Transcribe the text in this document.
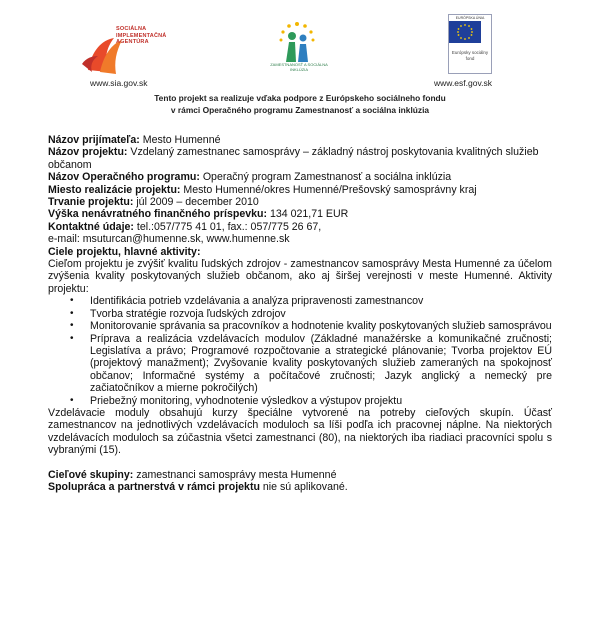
SOCIÁLNA IMPLEMENTAČNÁ AGENTÚRA
ZAMESTNANOSŤ A SOCIÁLNA INKLÚZIA
EURÓPSKA ÚNIA
Európsky sociálny fond
www.sia.gov.sk	www.esf.gov.sk
Tento projekt sa realizuje vďaka podpore z Európskeho sociálneho fondu
v rámci Operačného programu Zamestnanosť a sociálna inklúzia

Názov prijímateľa: Mesto Humenné

Názov projektu: Vzdelaný zamestnanec samosprávy – základný nástroj poskytovania kvalitných služieb občanom

Názov Operačného programu: Operačný program Zamestnanosť a sociálna inklúzia

Miesto realizácie projektu: Mesto Humenné/okres Humenné/Prešovský samosprávny kraj

Trvanie projektu: júl 2009 – december 2010

Výška nenávratného finančného príspevku: 134 021,71 EUR

Kontaktné údaje: tel.:057/775 41 01, fax.: 057/775 26 67,

e-mail: msuturcan@humenne.sk, www.humenne.sk

Ciele projektu, hlavné aktivity:

Cieľom projektu je zvýšiť kvalitu ľudských zdrojov - zamestnancov samosprávy Mesta Humenné za účelom zvýšenia kvality poskytovaných služieb občanom, ako aj širšej verejnosti v meste Humenné. Aktivity projektu:

• Identifikácia potrieb vzdelávania a analýza pripravenosti zamestnancov
• Tvorba stratégie rozvoja ľudských zdrojov
• Monitorovanie správania sa pracovníkov a hodnotenie kvality poskytovaných služieb samosprávou
• Príprava a realizácia vzdelávacích modulov (Základné manažérske a komunikačné zručnosti; Legislatíva a právo; Programové rozpočtovanie a strategické plánovanie; Tvorba projektov EÚ (projektový manažment); Zvyšovanie kvality poskytovaných služieb zameraných na spokojnosť občanov; Informačné systémy a počítačové zručnosti; Jazyk anglický a nemecký pre začiatočníkov a mierne pokročilých)
• Priebežný monitoring, vyhodnotenie výsledkov a výstupov projektu

Vzdelávacie moduly obsahujú kurzy špeciálne vytvorené na potreby cieľových skupín. Účasť zamestnancov na jednotlivých vzdelávacích moduloch sa líši podľa ich pracovnej náplne. Na niektorých vzdelávacích moduloch sa zúčastnia všetci zamestnanci (80), na niektorých iba riadiaci pracovníci spolu s vybranými (15).

Cieľové skupiny: zamestnanci samosprávy mesta Humenné

Spolupráca a partnerstvá v rámci projektu nie sú aplikované.
